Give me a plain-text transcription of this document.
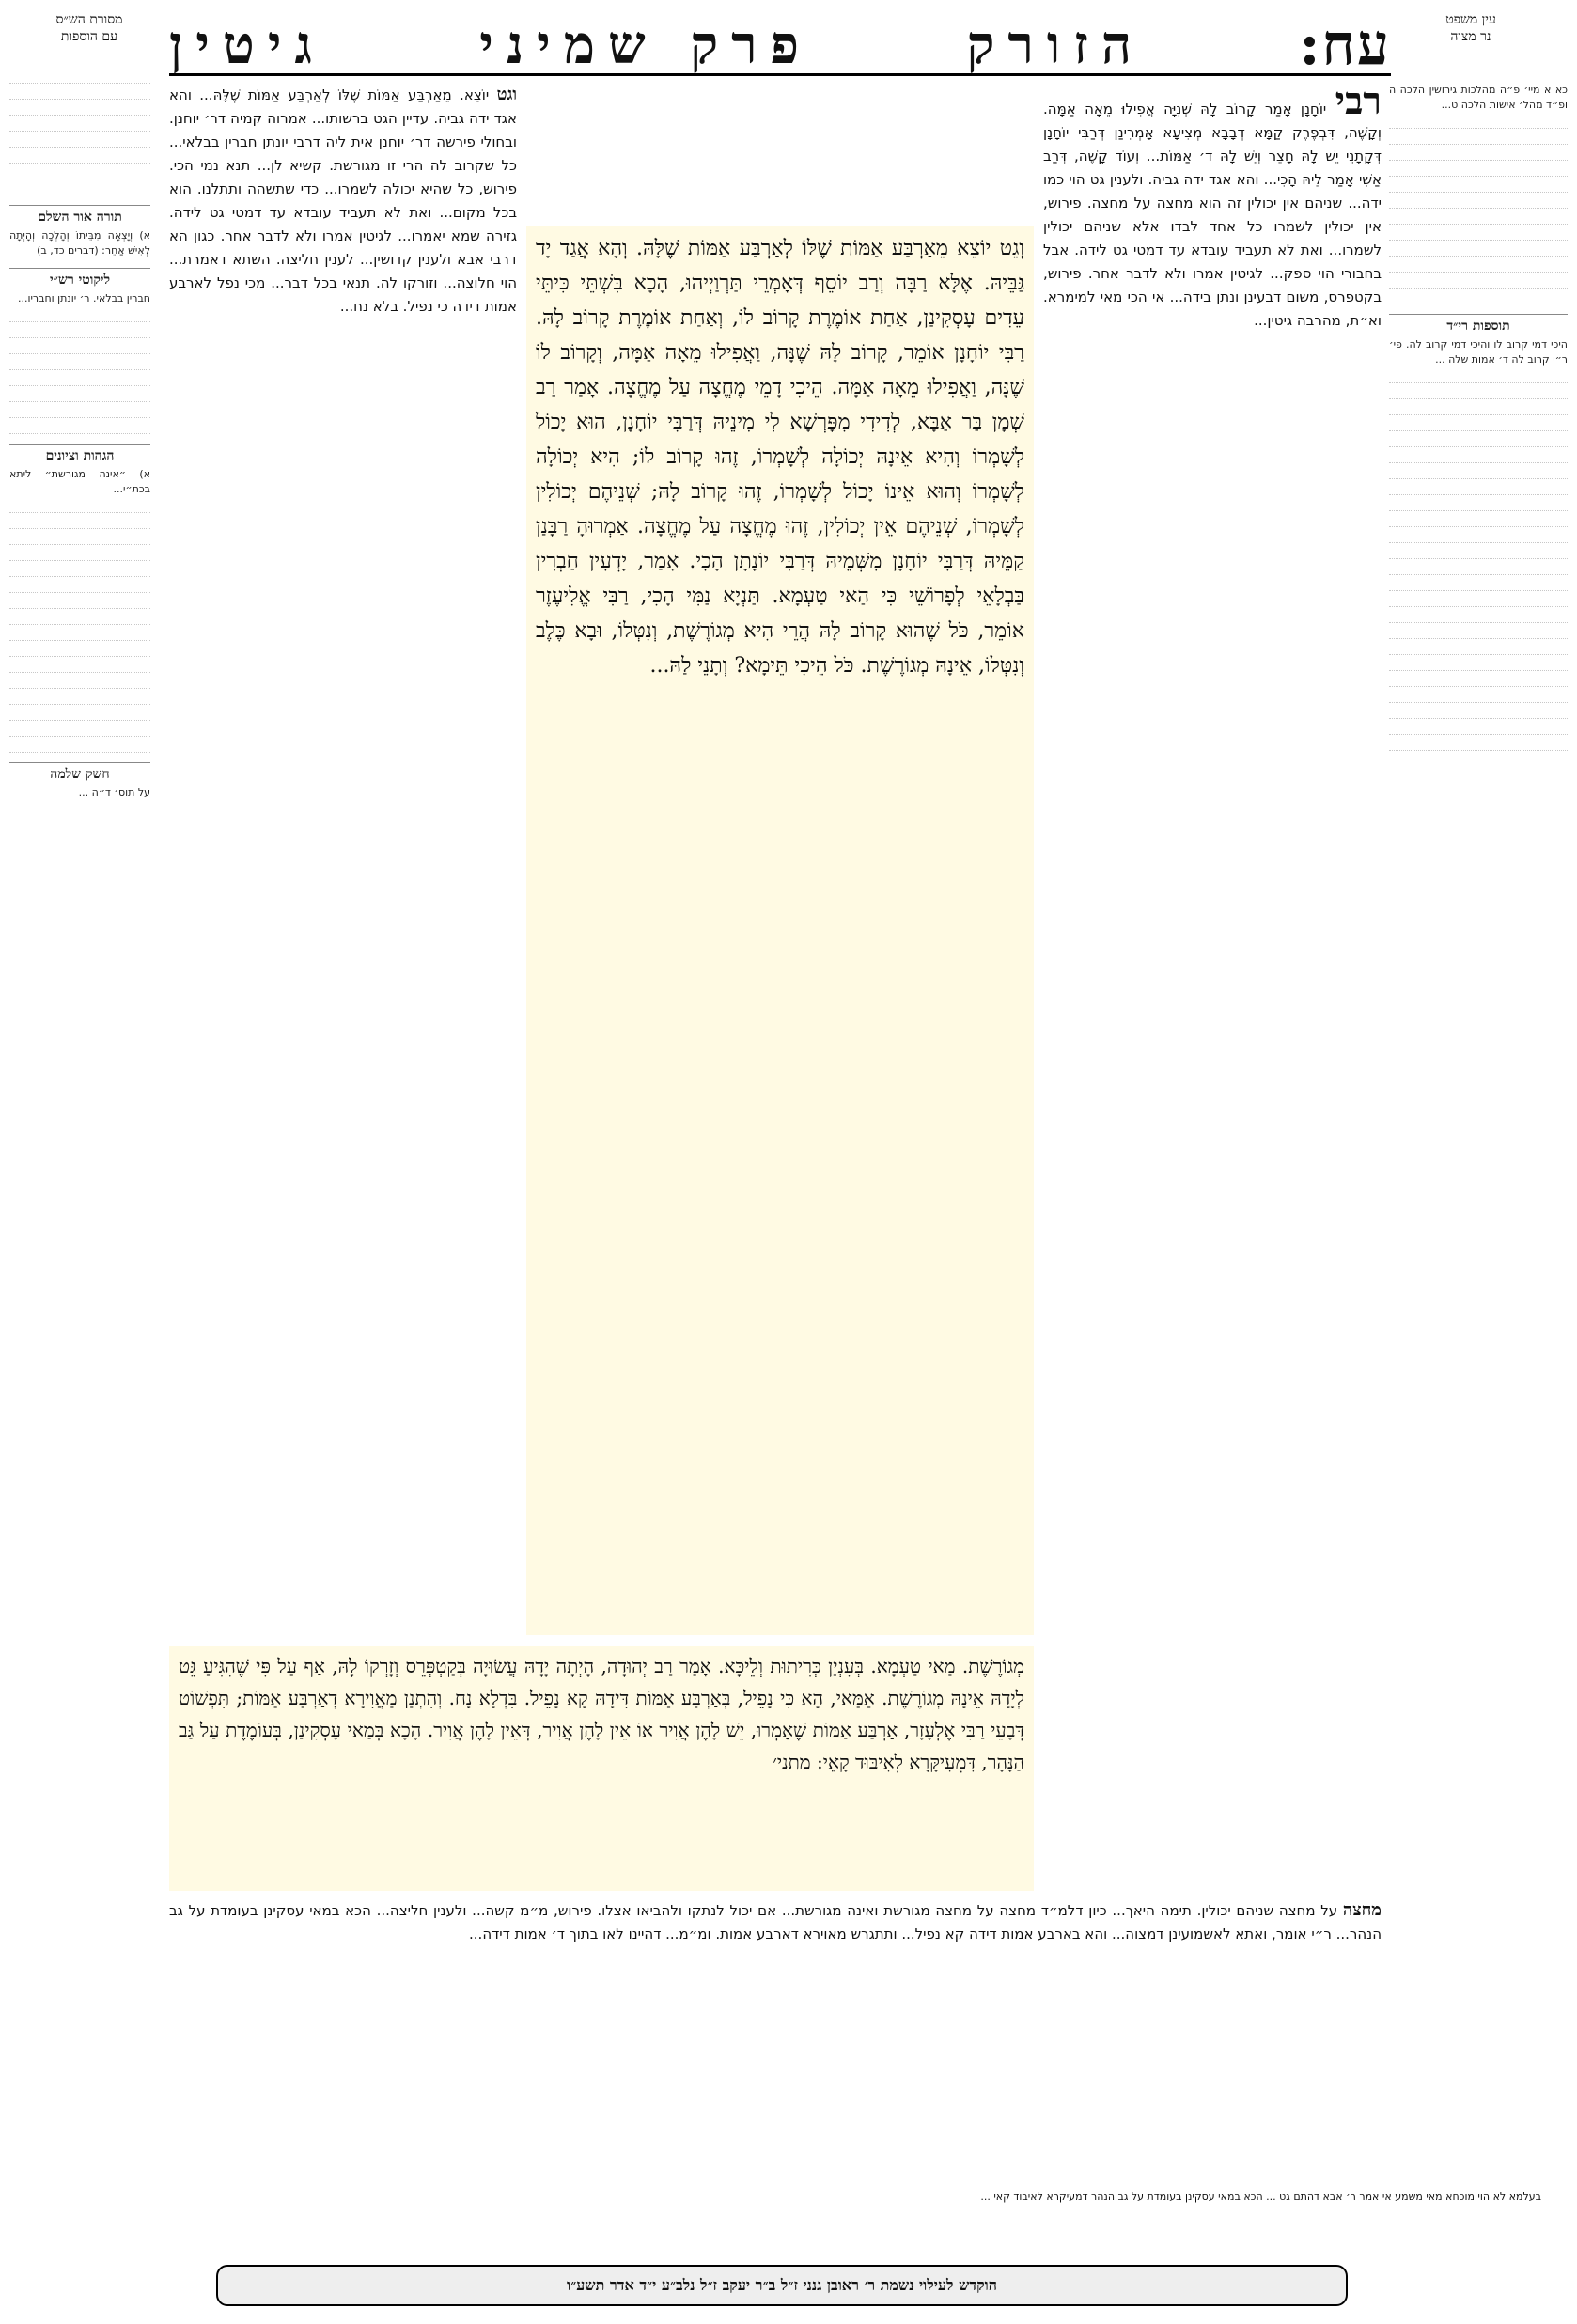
עין משפט
נר מצוה
עח:
הזורק
פרק שמיני
גיטין
מסורת הש״ס
עם הוספות
כא א מיי׳ פ״ה מהלכות גירושין הלכה ה ופ״ד מהל׳ אישות הלכה ט...
תוספות רי״ד
היכי דמי קרוב לו והיכי דמי קרוב לה. פי׳ ר״י קרוב לה ד׳ אמות שלה ...
רבי יוֹחָנָן אָמַר קָרוֹב לָהּ שְׁנִיָּה אֲפִילוּ מֵאָה אַמָּה. וְקָשֶׁה, דִּבְפֶרֶק קַמָּא דְבָבָא מְצִיעָא אָמְרִינַן דְּרַבִּי יוֹחָנָן דְּקָתָנֵי יֵשׁ לָהּ חָצֵר וְיֵשׁ לָהּ ד׳ אַמּוֹת... וְעוֹד קָשֶׁה, דְּרַב אַשִׁי אָמַר לֵיהּ הָכִי... והא אגד ידה גביה. ולענין גט הוי כמו ידה... שניהם אין יכולין זה הוא מחצה על מחצה. פירוש, אין יכולין לשמרו כל אחד לבדו אלא שניהם יכולין לשמרו... ואת לא תעביד עובדא עד דמטי גט לידה. אבל בחבורי הוי ספק... לגיטין אמרו ולא לדבר אחר. פירוש, בקטפרס, משום דבעינן ונתן בידה... אי הכי מאי למימרא. וא״ת, מהרבה גיטין...
וְגֵט יוֹצֵא מֵאַרְבַּע אַמּוֹת שֶׁלּוֹ לְאַרְבַּע אַמּוֹת שֶׁלָּהּ. וְהָא אֲגַד יָד גַּבֵּיהּ. אֶלָּא רַבָּה וְרַב יוֹסֵף דְּאָמְרֵי תַּרְוַיְיהוּ, הָכָא בִּשְׁתֵּי כִּיתֵּי עֵדִים עָסְקִינַן, אַחַת אוֹמֶרֶת קָרוֹב לוֹ, וְאַחַת אוֹמֶרֶת קָרוֹב לָהּ. רַבִּי יוֹחָנָן אוֹמֵר, קָרוֹב לָהּ שֶׁנָּה, וַאֲפִילוּ מֵאָה אַמָּה, וְקָרוֹב לוֹ שֶׁנָּה, וַאֲפִילוּ מֵאָה אַמָּה. הֵיכִי דָמֵי מֶחֱצָה עַל מֶחֱצָה. אָמַר רַב שְׁמָן בַּר אַבָּא, לְדִידִי מִפָּרְשָׁא לִי מִינֵיהּ דְּרַבִּי יוֹחָנָן, הוּא יָכוֹל לְשָׁמְרוֹ וְהִיא אֵינָהּ יְכוֹלָה לְשָׁמְרוֹ, זֶהוּ קָרוֹב לוֹ; הִיא יְכוֹלָה לְשָׁמְרוֹ וְהוּא אֵינוֹ יָכוֹל לְשָׁמְרוֹ, זֶהוּ קָרוֹב לָהּ; שְׁנֵיהֶם יְכוֹלִין לְשָׁמְרוֹ, שְׁנֵיהֶם אֵין יְכוֹלִין, זֶהוּ מֶחֱצָה עַל מֶחֱצָה. אַמְרוּהָ רַבָּנַן קַמֵּיהּ דְּרַבִּי יוֹחָנָן מִשְּׁמֵיהּ דְּרַבִּי יוֹנָתָן הָכִי. אָמַר, יָדְעִין חַבְרִין בַּבְלָאֵי לְפָרוֹשֵׁי כִּי הַאי טַעְמָא. תַּנְיָא נַמִּי הָכִי, רַבִּי אֱלִיעֶזֶר אוֹמֵר, כֹּל שֶׁהוּא קָרוֹב לָהּ הֲרֵי הִיא מְגוֹרֶשֶׁת, וְנִטְּלוֹ, וּבָא כֶּלֶב וְנִטְּלוֹ, אֵינָהּ מְגוֹרֶשֶׁת. כֹּל הֵיכִי תֵּימָא? וְתָנֵי לַהּ...
וגט יוֹצֵא. מֵאַרְבַּע אַמּוֹת שֶׁלּוֹ לְאַרְבַּע אַמּוֹת שֶׁלָּהּ... והא אגד ידה גביה. עדיין הגט ברשותו... אמרוה קמיה דר׳ יוחנן. ובחולי פירשה דר׳ יוחנן אית ליה דרבי יונתן חברין בבלאי... כל שקרוב לה הרי זו מגורשת. קשיא לן... תנא נמי הכי. פירוש, כל שהיא יכולה לשמרו... כדי שתשהה ותתלנו. הוא בכל מקום... ואת לא תעביד עובדא עד דמטי גט לידה. גזירה שמא יאמרו... לגיטין אמרו ולא לדבר אחר. כגון הא דרבי אבא ולענין קדושין... לענין חליצה. השתא דאמרת... הוי חלוצה... וזורקו לה. תנאי בכל דבר... מכי נפל לארבע אמות דידה כי נפיל. בלא נח...
מְגוֹרֶשֶׁת. מַאי טַעְמָא. בְּעִנְיַן כְּרִיתוּת וְלֵיכָּא. אָמַר רַב יְהוּדָה, הָיְתָה יָדָהּ עֲשׂוּיָה בְּקַטְפְּרֵס וְזָרְקוֹ לָהּ, אַף עַל פִּי שֶׁהִגִּיעַ גֵּט לְיָדָהּ אֵינָהּ מְגוֹרֶשֶׁת. אַמַּאי, הָא כִּי נָפֵיל, בְּאַרְבַּע אַמּוֹת דִּידָהּ קָא נָפֵיל. בִּדְלָא נָח. וְהִתְנַן מַאֲוִירָא דְאַרְבַּע אַמּוֹת; תִּפְשׁוֹט דְּבָעֵי רַבִּי אֶלְעָזָר, אַרְבַּע אַמּוֹת שֶׁאָמְרוּ, יֵשׁ לָהֶן אֲוִיר אוֹ אֵין לָהֶן אֲוִיר, דְּאֵין לָהֶן אֲוִיר. הָכָא בְּמַאי עָסְקִינַן, בְּעוֹמֶדֶת עַל גַּב הַנָּהָר, דִּמְעִיקָּרָא לְאִיבּוּד קָאֵי: מתני׳
מחצה על מחצה שניהם יכולין. תימה היאך... כיון דלמ״ד מחצה על מחצה מגורשת ואינה מגורשת... אם יכול לנתקו ולהביאו אצלו. פירוש, מ״מ קשה... ולענין חליצה... הכא במאי עסקינן בעומדת על גב הנהר... ר״י אומר, ואתא לאשמועינן דמצוה... והא בארבע אמות דידה קא נפיל... ותתגרש מאוירא דארבע אמות. ומ״מ... דהיינו לאו בתוך ד׳ אמות דידה...
תורה אור השלם
א) וְיָצְאָה מִבֵּיתוֹ וְהָלְכָה וְהָיְתָה לְאִישׁ אַחֵר: (דברים כד, ב)
ליקוטי רש״י
חברין בבלאי. ר׳ יונתן וחבריו...
הגהות וציונים
א) ״אינה מגורשת״ ליתא בכת״י...
חשק שלמה
על תוס׳ ד״ה ...
בעלמא לא הוי מוכחא מאי משמע אי אמר ר׳ אבא דהתם גט ... הכא במאי עסקינן בעומדת על גב הנהר דמעיקרא לאיבוד קאי ...
הוקדש לעילוי נשמת ר׳ ראובן גנני ז״ל ב״ר יעקב ז״ל נלב״ע י״ד אדר תשע״ו
